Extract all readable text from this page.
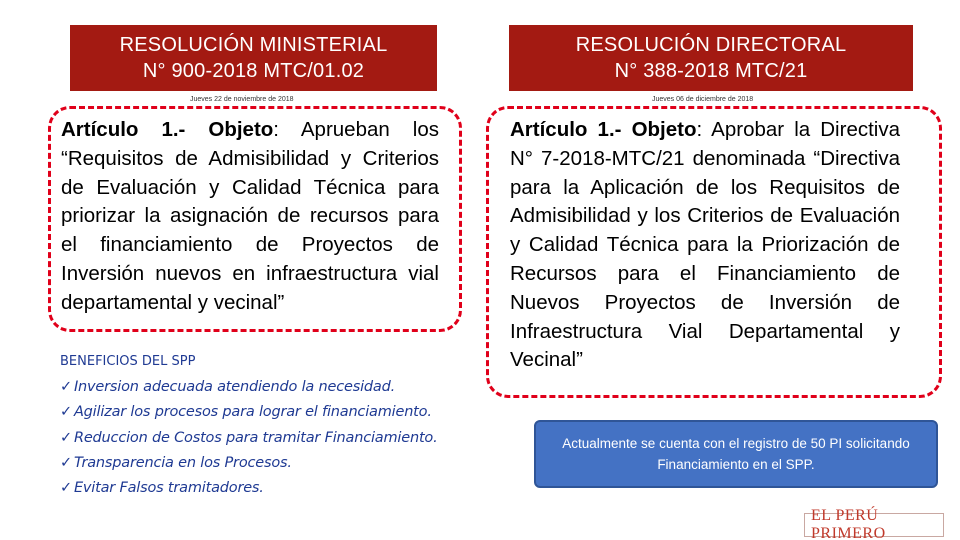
RESOLUCIÓN MINISTERIAL
N° 900-2018 MTC/01.02
RESOLUCIÓN DIRECTORAL
N° 388-2018 MTC/21
Jueves 22 de noviembre de 2018	Jueves 06 de diciembre de 2018
Artículo 1.- Objeto: Aprueban los “Requisitos de Admisibilidad y Criterios de Evaluación y Calidad Técnica para priorizar la asignación de recursos para el financiamiento de Proyectos de Inversión nuevos en infraestructura vial departamental y vecinal”
Artículo 1.- Objeto: Aprobar la Directiva N° 7-2018-MTC/21 denominada “Directiva para la Aplicación de los Requisitos de Admisibilidad y los Criterios de Evaluación y Calidad Técnica para la Priorización de Recursos para el Financiamiento de Nuevos Proyectos de Inversión de Infraestructura Vial Departamental y Vecinal”
BENEFICIOS DEL SPP
✓ Inversion adecuada atendiendo la necesidad.
✓ Agilizar los procesos para lograr el financiamiento.
✓ Reduccion de Costos para tramitar Financiamiento.
✓ Transparencia en los Procesos.
✓ Evitar Falsos tramitadores.
Actualmente se cuenta con el registro de 50 PI solicitando Financiamiento en el SPP.
EL PERÚ PRIMERO
